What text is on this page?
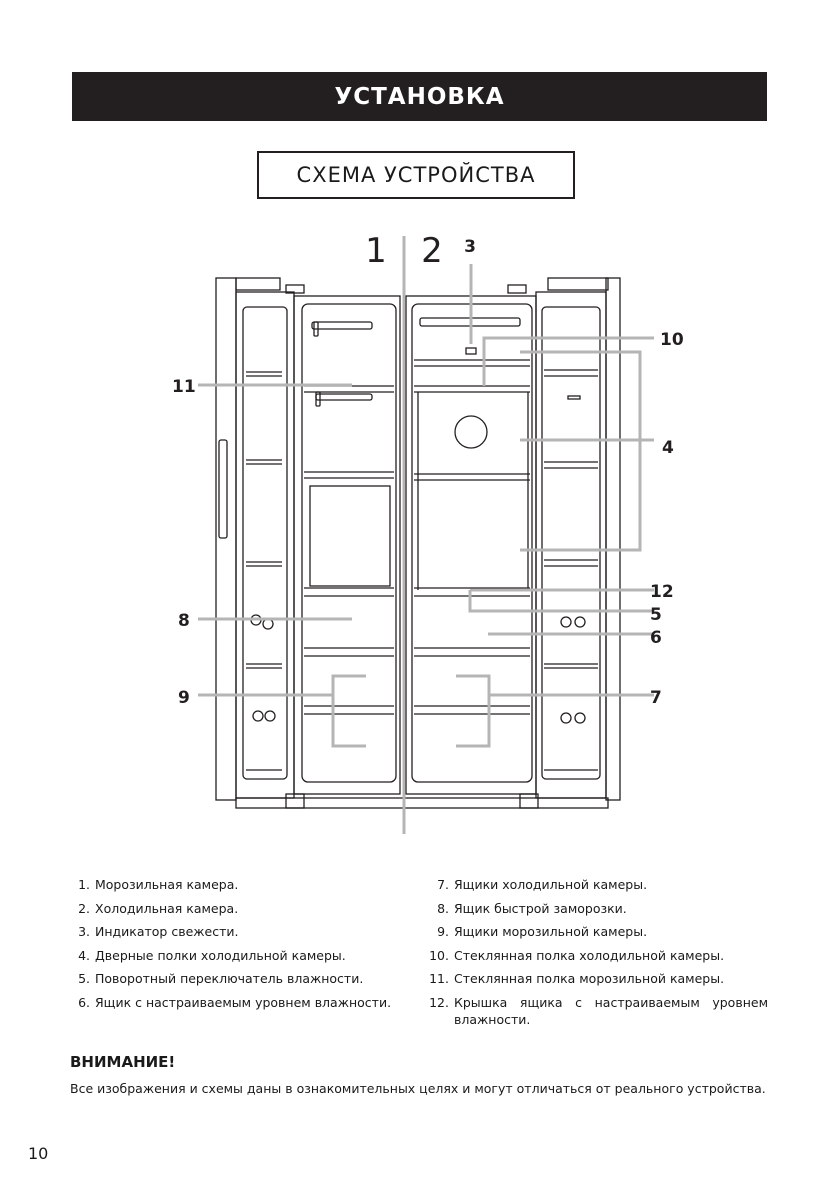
УСТАНОВКА
СХЕМА УСТРОЙСТВА
1 2 3
10
11
4
12
5
6
8
9	7
1. Морозильная камера.
2. Холодильная камера.
3. Индикатор свежести.
4. Дверные полки холодильной камеры.
5. Поворотный переключатель влажности.
6. Ящик с настраиваемым уровнем влажности.
7. Ящики холодильной камеры.
8. Ящик быстрой заморозки.
9. Ящики морозильной камеры.
10. Стеклянная полка холодильной камеры.
11. Стеклянная полка морозильной камеры.
12. Крышка ящика с настраиваемым уровнем влажности.
ВНИМАНИЕ!
Все изображения и схемы даны в ознакомительных целях и могут отличаться от реального устройства.
10
